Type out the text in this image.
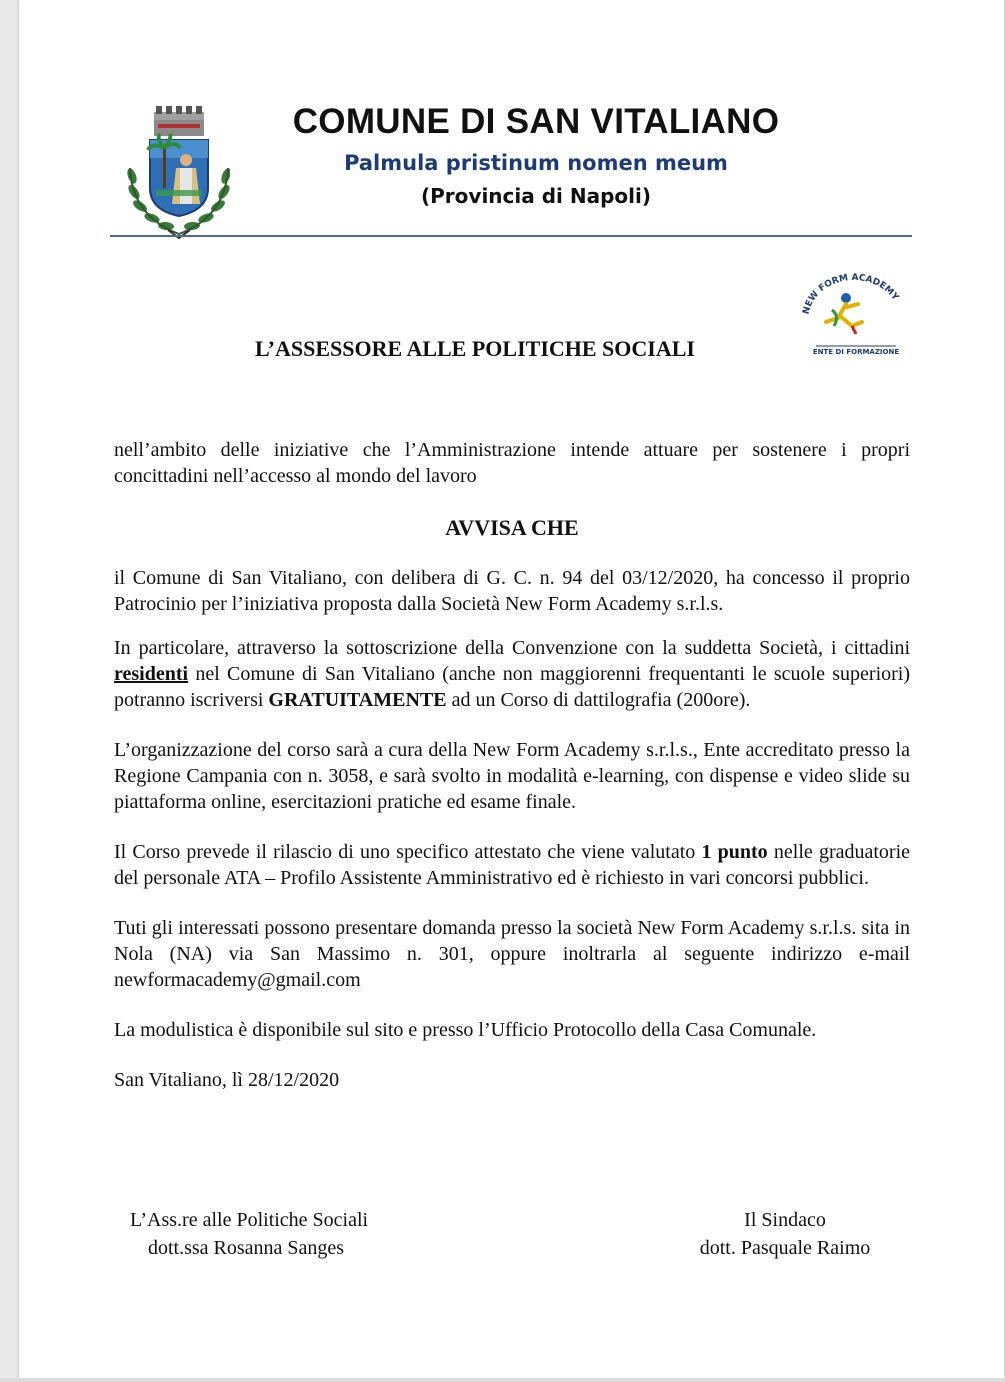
COMUNE DI SAN VITALIANO
Palmula pristinum nomen meum
(Provincia di Napoli)
NEW FORM ACADEMY
ENTE DI FORMAZIONE
L’ASSESSORE ALLE POLITICHE SOCIALI

nell’ambito delle iniziative che l’Amministrazione intende attuare per sostenere i propri concittadini nell’accesso al mondo del lavoro

AVVISA CHE

il Comune di San Vitaliano, con delibera di G. C. n. 94 del 03/12/2020, ha concesso il proprio Patrocinio per l’iniziativa proposta dalla Società New Form Academy s.r.l.s.

In particolare, attraverso la sottoscrizione della Convenzione con la suddetta Società, i cittadini residenti nel Comune di San Vitaliano (anche non maggiorenni frequentanti le scuole superiori) potranno iscriversi GRATUITAMENTE ad un Corso di dattilografia (200ore).

L’organizzazione del corso sarà a cura della New Form Academy s.r.l.s., Ente accreditato presso la Regione Campania con n. 3058, e sarà svolto in modalità e-learning, con dispense e video slide su piattaforma online, esercitazioni pratiche ed esame finale.

Il Corso prevede il rilascio di uno specifico attestato che viene valutato 1 punto nelle graduatorie del personale ATA – Profilo Assistente Amministrativo ed è richiesto in vari concorsi pubblici.

Tuti gli interessati possono presentare domanda presso la società New Form Academy s.r.l.s. sita in Nola (NA) via San Massimo n. 301, oppure inoltrarla al seguente indirizzo e-mail newformacademy@gmail.com

La modulistica è disponibile sul sito e presso l’Ufficio Protocollo della Casa Comunale.

San Vitaliano, lì 28/12/2020

L’Ass.re alle Politiche Sociali
dott.ssa Rosanna Sanges
Il Sindaco
dott. Pasquale Raimo
